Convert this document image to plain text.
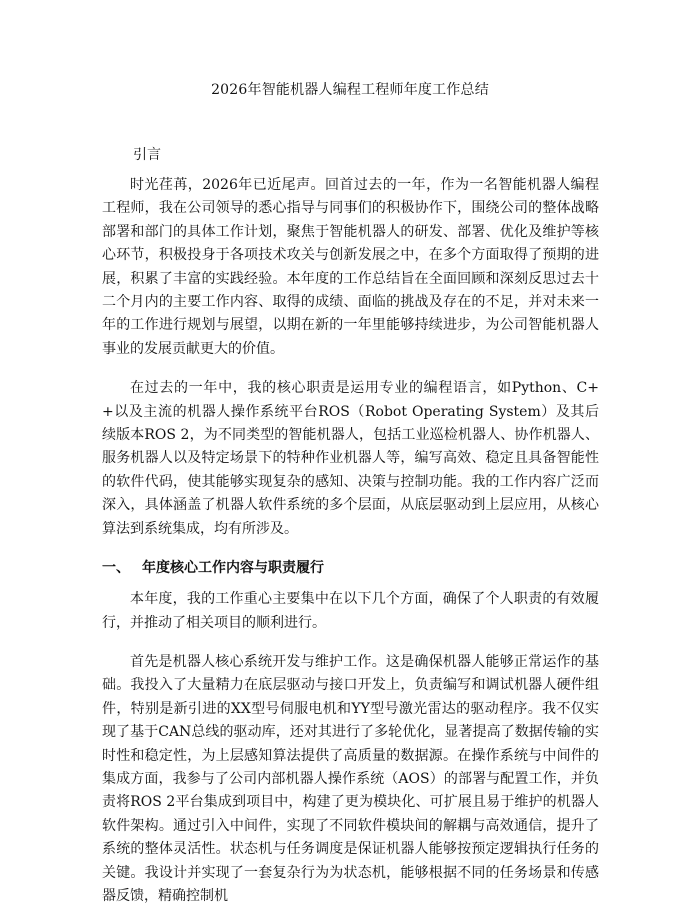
2026年智能机器人编程工程师年度工作总结
引言

时光荏苒，2026年已近尾声。回首过去的一年，作为一名智能机器人编程工程师，我在公司领导的悉心指导与同事们的积极协作下，围绕公司的整体战略部署和部门的具体工作计划，聚焦于智能机器人的研发、部署、优化及维护等核心环节，积极投身于各项技术攻关与创新发展之中，在多个方面取得了预期的进展，积累了丰富的实践经验。本年度的工作总结旨在全面回顾和深刻反思过去十二个月内的主要工作内容、取得的成绩、面临的挑战及存在的不足，并对未来一年的工作进行规划与展望，以期在新的一年里能够持续进步，为公司智能机器人事业的发展贡献更大的价值。

在过去的一年中，我的核心职责是运用专业的编程语言，如Python、C++以及主流的机器人操作系统平台ROS（Robot Operating System）及其后续版本ROS 2，为不同类型的智能机器人，包括工业巡检机器人、协作机器人、服务机器人以及特定场景下的特种作业机器人等，编写高效、稳定且具备智能性的软件代码，使其能够实现复杂的感知、决策与控制功能。我的工作内容广泛而深入，具体涵盖了机器人软件系统的多个层面，从底层驱动到上层应用，从核心算法到系统集成，均有所涉及。

一、 年度核心工作内容与职责履行

本年度，我的工作重心主要集中在以下几个方面，确保了个人职责的有效履行，并推动了相关项目的顺利进行。

首先是机器人核心系统开发与维护工作。这是确保机器人能够正常运作的基础。我投入了大量精力在底层驱动与接口开发上，负责编写和调试机器人硬件组件，特别是新引进的XX型号伺服电机和YY型号激光雷达的驱动程序。我不仅实现了基于CAN总线的驱动库，还对其进行了多轮优化，显著提高了数据传输的实时性和稳定性，为上层感知算法提供了高质量的数据源。在操作系统与中间件的集成方面，我参与了公司内部机器人操作系统（AOS）的部署与配置工作，并负责将ROS 2平台集成到项目中，构建了更为模块化、可扩展且易于维护的机器人软件架构。通过引入中间件，实现了不同软件模块间的解耦与高效通信，提升了系统的整体灵活性。状态机与任务调度是保证机器人能够按预定逻辑执行任务的关键。我设计并实现了一套复杂行为为状态机，能够根据不同的任务场景和传感器反馈，精确控制机
